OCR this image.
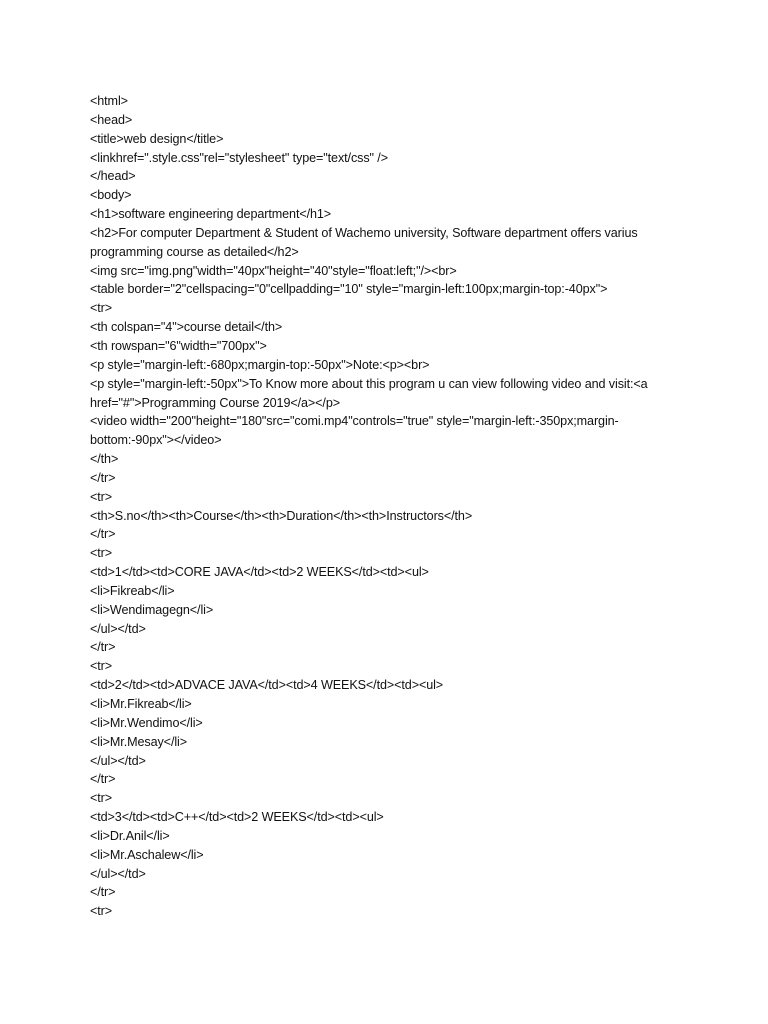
<html>
<head>
<title>web design</title>
<linkhref=".style.css"rel="stylesheet" type="text/css" />
</head>
<body>
<h1>software engineering department</h1>
<h2>For computer Department & Student of Wachemo university, Software department offers varius
programming course as detailed</h2>
<img src="img.png"width="40px"height="40"style="float:left;"/><br>
<table border="2"cellspacing="0"cellpadding="10" style="margin-left:100px;margin-top:-40px">
<tr>
<th colspan="4">course detail</th>
<th rowspan="6"width="700px">
<p style="margin-left:-680px;margin-top:-50px">Note:<p><br>
<p style="margin-left:-50px">To Know more about this program u can view following video and visit:<a
href="#">Programming Course 2019</a></p>
<video width="200"height="180"src="comi.mp4"controls="true" style="margin-left:-350px;margin-
bottom:-90px"></video>
</th>
</tr>
<tr>
<th>S.no</th><th>Course</th><th>Duration</th><th>Instructors</th>
</tr>
<tr>
<td>1</td><td>CORE JAVA</td><td>2 WEEKS</td><td><ul>
<li>Fikreab</li>
<li>Wendimagegn</li>
</ul></td>
</tr>
<tr>
<td>2</td><td>ADVACE JAVA</td><td>4 WEEKS</td><td><ul>
<li>Mr.Fikreab</li>
<li>Mr.Wendimo</li>
<li>Mr.Mesay</li>
</ul></td>
</tr>
<tr>
<td>3</td><td>C++</td><td>2 WEEKS</td><td><ul>
<li>Dr.Anil</li>
<li>Mr.Aschalew</li>
</ul></td>
</tr>
<tr>
